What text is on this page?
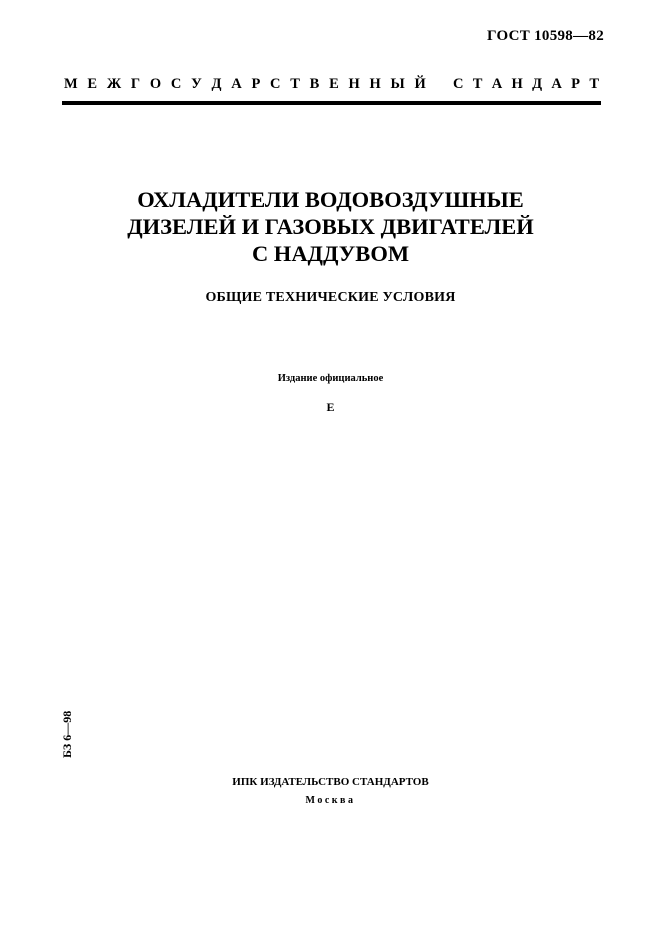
ГОСТ 10598—82
М Е Ж Г О С У Д А Р С Т В Е Н Н Ы Й С Т А Н Д А Р Т
ОХЛАДИТЕЛИ ВОДОВОЗДУШНЫЕ
ДИЗЕЛЕЙ И ГАЗОВЫХ ДВИГАТЕЛЕЙ
С НАДДУВОМ
ОБЩИЕ ТЕХНИЧЕСКИЕ УСЛОВИЯ
Издание официальное
Е
БЗ 6—98
ИПК ИЗДАТЕЛЬСТВО СТАНДАРТОВ
Москва
